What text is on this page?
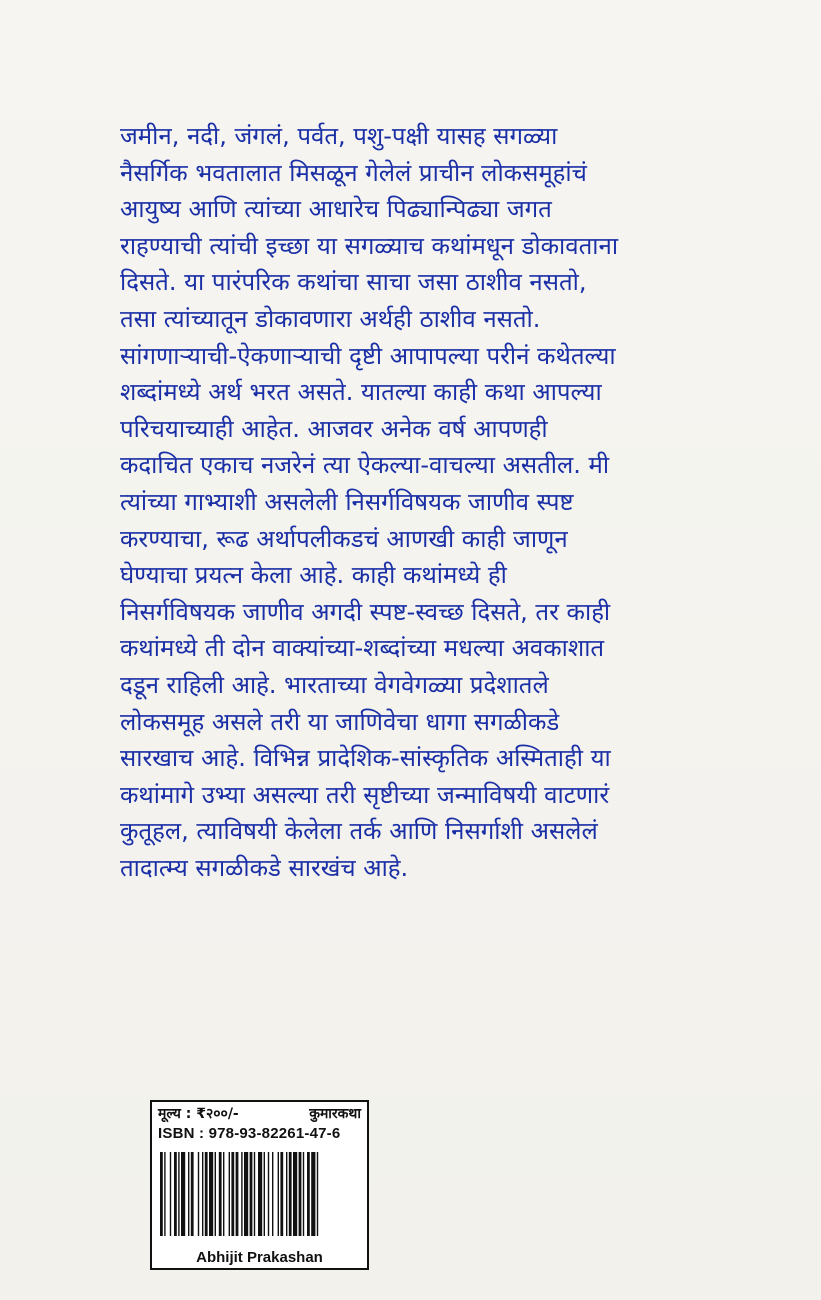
जमीन, नदी, जंगलं, पर्वत, पशु-पक्षी यासह सगळ्या
नैसर्गिक भवतालात मिसळून गेलेलं प्राचीन लोकसमूहांचं
आयुष्य आणि त्यांच्या आधारेच पिढ्यान्पिढ्या जगत
राहण्याची त्यांची इच्छा या सगळ्याच कथांमधून डोकावताना
दिसते. या पारंपरिक कथांचा साचा जसा ठाशीव नसतो,
तसा त्यांच्यातून डोकावणारा अर्थही ठाशीव नसतो.
सांगणाऱ्याची-ऐकणाऱ्याची दृष्टी आपापल्या परीनं कथेतल्या
शब्दांमध्ये अर्थ भरत असते. यातल्या काही कथा आपल्या
परिचयाच्याही आहेत. आजवर अनेक वर्ष आपणही
कदाचित एकाच नजरेनं त्या ऐकल्या-वाचल्या असतील. मी
त्यांच्या गाभ्याशी असलेली निसर्गविषयक जाणीव स्पष्ट
करण्याचा, रूढ अर्थापलीकडचं आणखी काही जाणून
घेण्याचा प्रयत्न केला आहे. काही कथांमध्ये ही
निसर्गविषयक जाणीव अगदी स्पष्ट-स्वच्छ दिसते, तर काही
कथांमध्ये ती दोन वाक्यांच्या-शब्दांच्या मधल्या अवकाशात
दडून राहिली आहे. भारताच्या वेगवेगळ्या प्रदेशातले
लोकसमूह असले तरी या जाणिवेचा धागा सगळीकडे
सारखाच आहे. विभिन्न प्रादेशिक-सांस्कृतिक अस्मिताही या
कथांमागे उभ्या असल्या तरी सृष्टीच्या जन्माविषयी वाटणारं
कुतूहल, त्याविषयी केलेला तर्क आणि निसर्गाशी असलेलं
तादात्म्य सगळीकडे सारखंच आहे.
मूल्य : ₹२००/-	कुमारकथा
ISBN : 978-93-82261-47-6
Abhijit Prakashan
